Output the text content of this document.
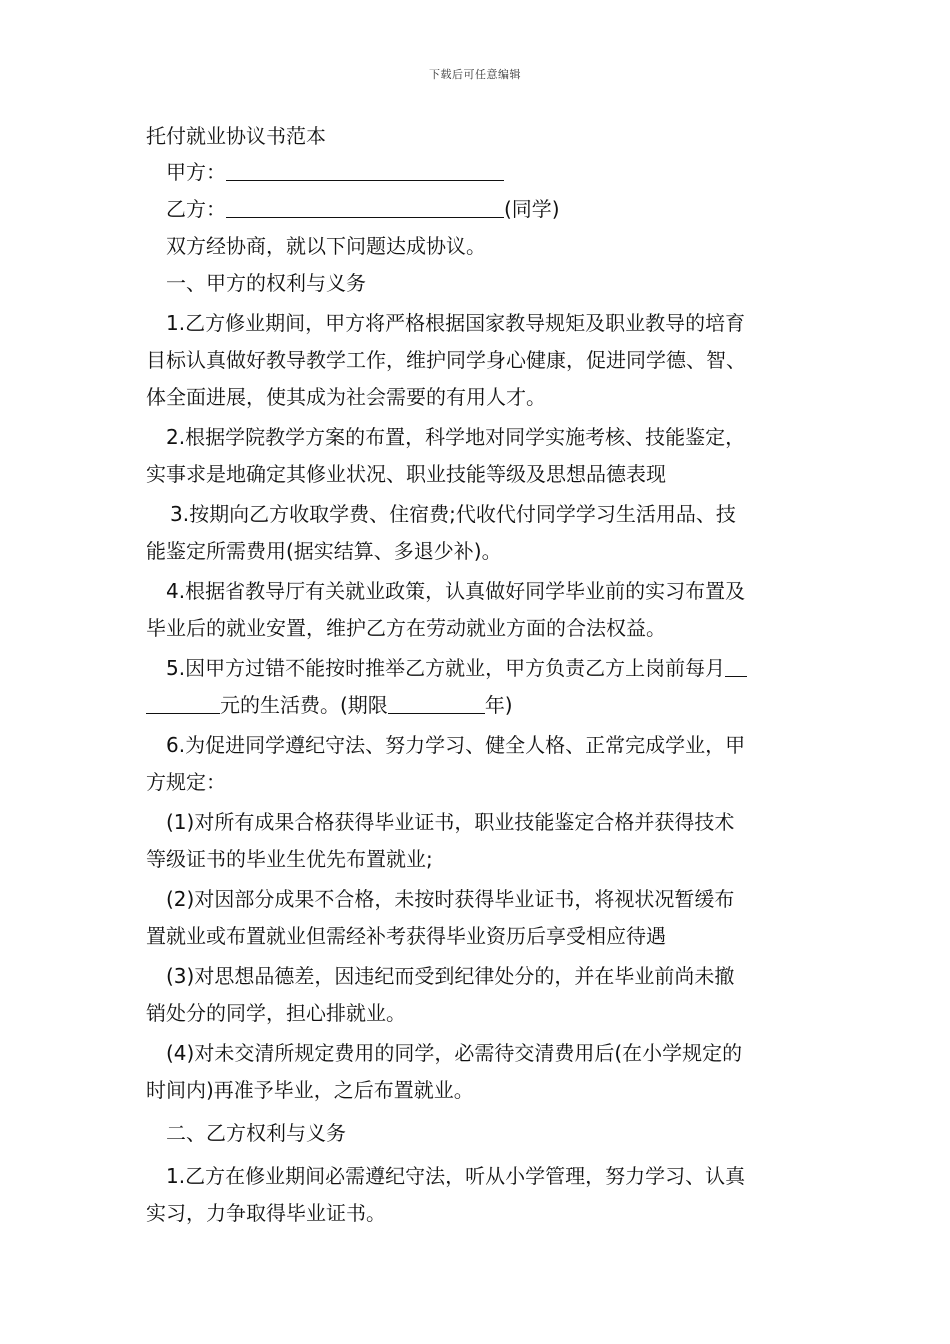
下载后可任意编辑
托付就业协议书范本
甲方：
乙方：	(同学)
双方经协商，就以下问题达成协议。
一、甲方的权利与义务
1.乙方修业期间，甲方将严格根据国家教导规矩及职业教导的培育
目标认真做好教导教学工作，维护同学身心健康，促进同学德、智、
体全面进展，使其成为社会需要的有用人才。
2.根据学院教学方案的布置，科学地对同学实施考核、技能鉴定，
实事求是地确定其修业状况、职业技能等级及思想品德表现
3.按期向乙方收取学费、住宿费;代收代付同学学习生活用品、技
能鉴定所需费用(据实结算、多退少补)。
4.根据省教导厅有关就业政策，认真做好同学毕业前的实习布置及
毕业后的就业安置，维护乙方在劳动就业方面的合法权益。
5.因甲方过错不能按时推举乙方就业，甲方负责乙方上岗前每月
元的生活费。(期限	年)
6.为促进同学遵纪守法、努力学习、健全人格、正常完成学业，甲
方规定：
(1)对所有成果合格获得毕业证书，职业技能鉴定合格并获得技术
等级证书的毕业生优先布置就业;
(2)对因部分成果不合格，未按时获得毕业证书，将视状况暂缓布
置就业或布置就业但需经补考获得毕业资历后享受相应待遇
(3)对思想品德差，因违纪而受到纪律处分的，并在毕业前尚未撤
销处分的同学，担心排就业。
(4)对未交清所规定费用的同学，必需待交清费用后(在小学规定的
时间内)再准予毕业，之后布置就业。
二、乙方权利与义务
1.乙方在修业期间必需遵纪守法，听从小学管理，努力学习、认真
实习，力争取得毕业证书。
